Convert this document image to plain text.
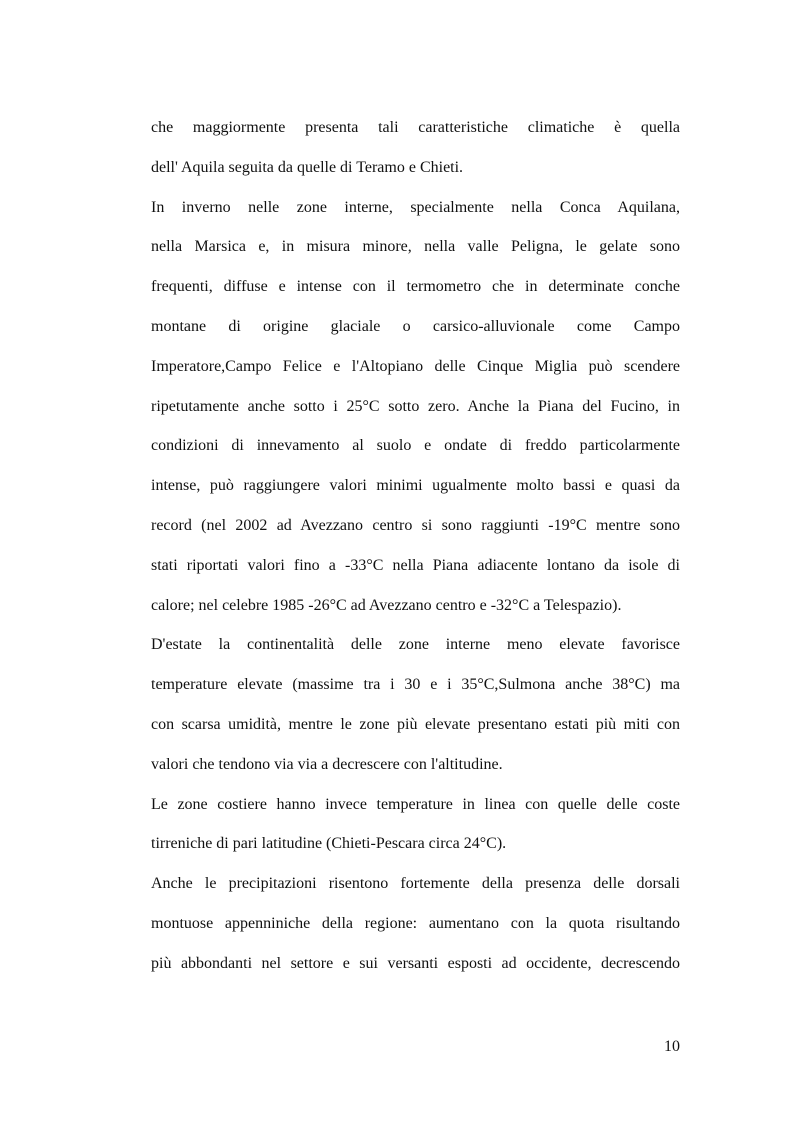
che maggiormente presenta tali caratteristiche climatiche è quella
dell' Aquila seguita da quelle di Teramo e Chieti.
In inverno nelle zone interne, specialmente nella Conca Aquilana,
nella Marsica e, in misura minore, nella valle Peligna, le gelate sono
frequenti, diffuse e intense con il termometro che in determinate conche
montane di origine glaciale o carsico-alluvionale come Campo
Imperatore,Campo Felice e l'Altopiano delle Cinque Miglia può scendere
ripetutamente anche sotto i 25°C sotto zero. Anche la Piana del Fucino, in
condizioni di innevamento al suolo e ondate di freddo particolarmente
intense, può raggiungere valori minimi ugualmente molto bassi e quasi da
record (nel 2002 ad Avezzano centro si sono raggiunti -19°C mentre sono
stati riportati valori fino a -33°C nella Piana adiacente lontano da isole di
calore; nel celebre 1985 -26°C ad Avezzano centro e -32°C a Telespazio).
D'estate la continentalità delle zone interne meno elevate favorisce
temperature elevate (massime tra i 30 e i 35°C,Sulmona anche 38°C) ma
con scarsa umidità, mentre le zone più elevate presentano estati più miti con
valori che tendono via via a decrescere con l'altitudine.
Le zone costiere hanno invece temperature in linea con quelle delle coste
tirreniche di pari latitudine (Chieti-Pescara circa 24°C).
Anche le precipitazioni risentono fortemente della presenza delle dorsali
montuose appenniniche della regione: aumentano con la quota risultando
più abbondanti nel settore e sui versanti esposti ad occidente, decrescendo
10
